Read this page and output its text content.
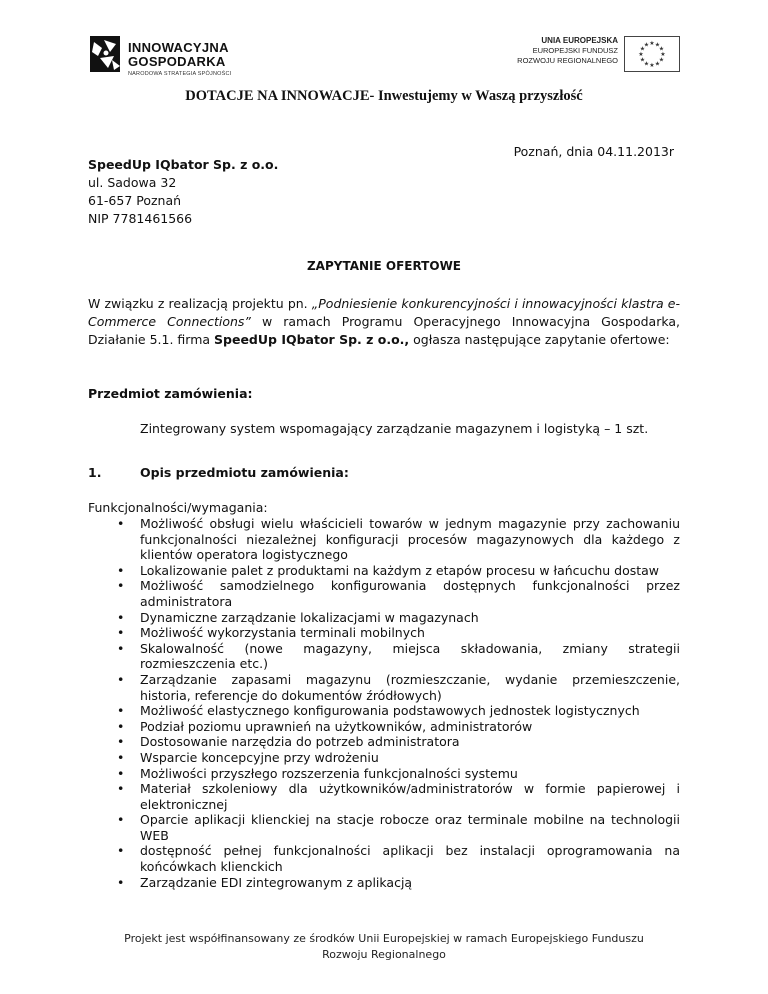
INNOWACYJNA
GOSPODARKA
NARODOWA STRATEGIA SPÓJNOŚCI
UNIA EUROPEJSKA
EUROPEJSKI FUNDUSZ
ROZWOJU REGIONALNEGO
★ ★
★
★
★
★
★
★
★
★
★
★
DOTACJE NA INNOWACJE- Inwestujemy w Waszą przyszłość
Poznań, dnia 04.11.2013r
SpeedUp IQbator Sp. z o.o.
ul. Sadowa 32
61-657 Poznań
NIP 7781461566
ZAPYTANIE OFERTOWE
W związku z realizacją projektu pn. „Podniesienie konkurencyjności i innowacyjności klastra e-Commerce Connections” w ramach Programu Operacyjnego Innowacyjna Gospodarka, Działanie 5.1. firma SpeedUp IQbator Sp. z o.o., ogłasza następujące zapytanie ofertowe:
Przedmiot zamówienia:
Zintegrowany system wspomagający zarządzanie magazynem i logistyką – 1 szt.
1.	Opis przedmiotu zamówienia:
Funkcjonalności/wymagania:
• Możliwość obsługi wielu właścicieli towarów w jednym magazynie przy zachowaniu funkcjonalności niezależnej konfiguracji procesów magazynowych dla każdego z klientów operatora logistycznego
• Lokalizowanie palet z produktami na każdym z etapów procesu w łańcuchu dostaw
• Możliwość samodzielnego konfigurowania dostępnych funkcjonalności przez administratora
• Dynamiczne zarządzanie lokalizacjami w magazynach
• Możliwość wykorzystania terminali mobilnych
• Skalowalność (nowe magazyny, miejsca składowania, zmiany strategii rozmieszczenia etc.)
• Zarządzanie zapasami magazynu (rozmieszczanie, wydanie przemieszczenie, historia, referencje do dokumentów źródłowych)
• Możliwość elastycznego konfigurowania podstawowych jednostek logistycznych
• Podział poziomu uprawnień na użytkowników, administratorów
• Dostosowanie narzędzia do potrzeb administratora
• Wsparcie koncepcyjne przy wdrożeniu
• Możliwości przyszłego rozszerzenia funkcjonalności systemu
• Materiał szkoleniowy dla użytkowników/administratorów w formie papierowej i elektronicznej
• Oparcie aplikacji klienckiej na stacje robocze oraz terminale mobilne na technologii WEB
• dostępność pełnej funkcjonalności aplikacji bez instalacji oprogramowania na końcówkach klienckich
• Zarządzanie EDI zintegrowanym z aplikacją
Projekt jest współfinansowany ze środków Unii Europejskiej w ramach Europejskiego Funduszu
Rozwoju Regionalnego
